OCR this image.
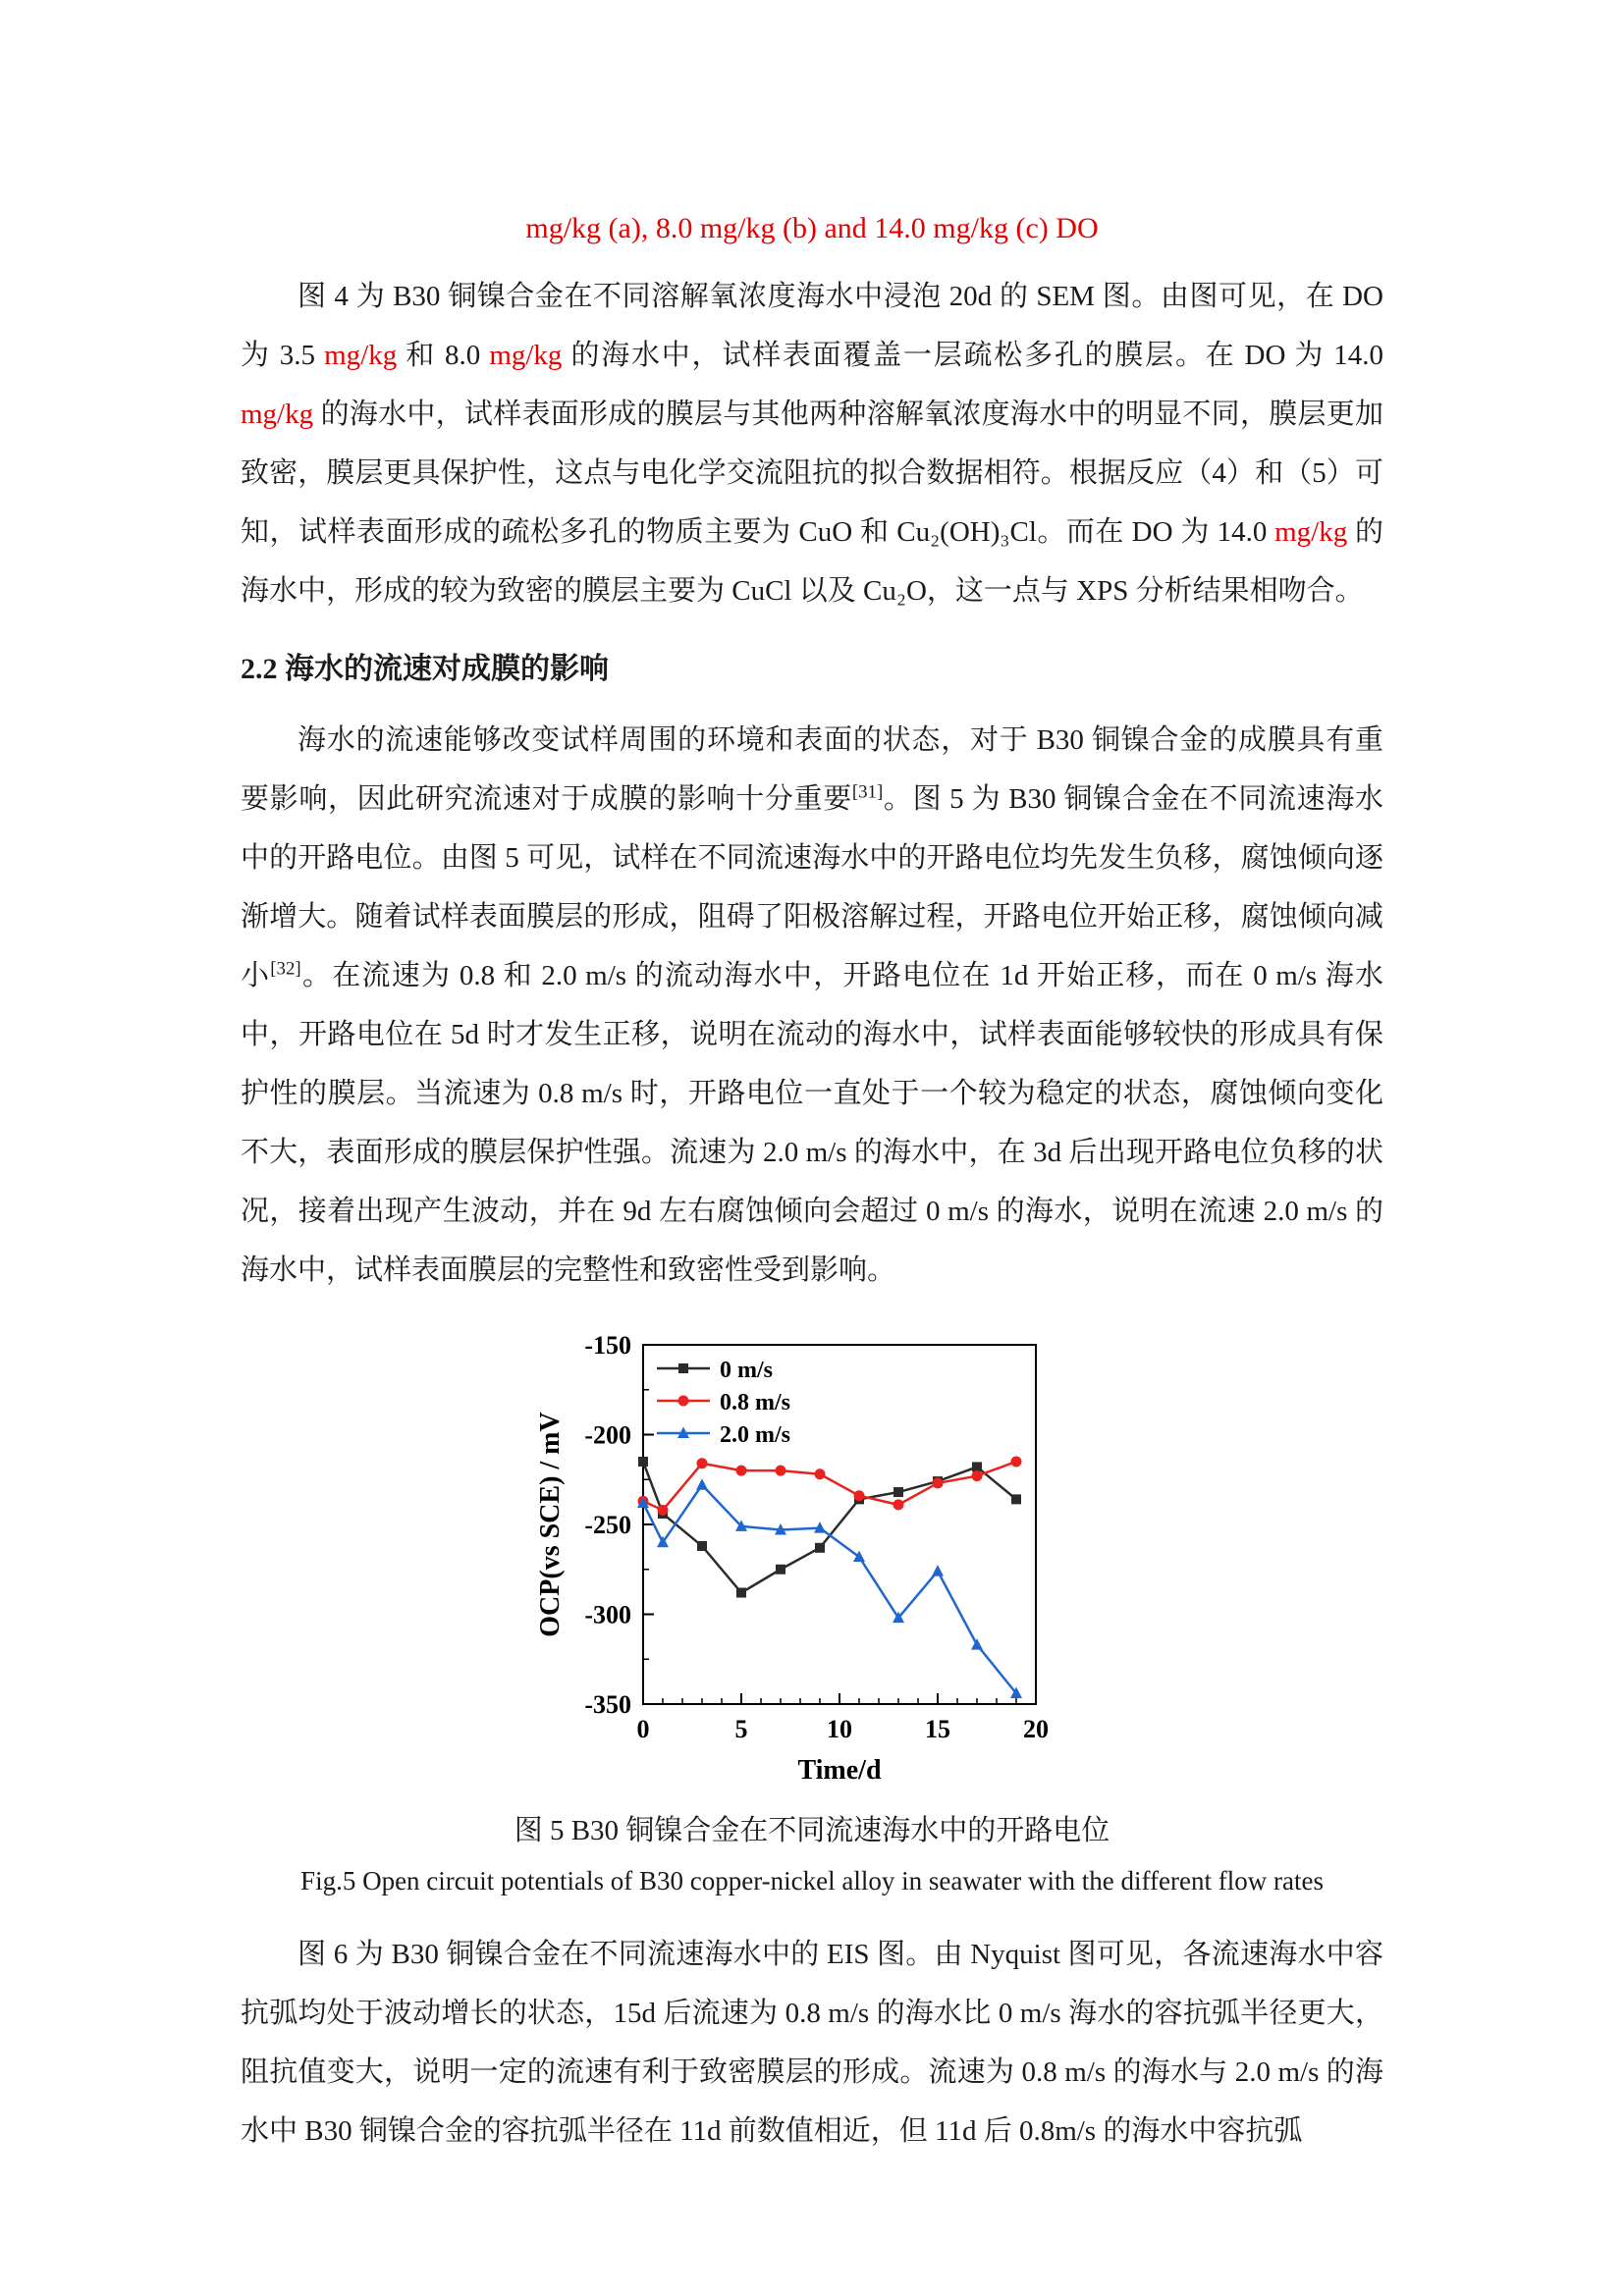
mg/kg (a), 8.0 mg/kg (b) and 14.0 mg/kg (c) DO

图 4 为 B30 铜镍合金在不同溶解氧浓度海水中浸泡 20d 的 SEM 图。由图可见，在 DO 为 3.5 mg/kg 和 8.0 mg/kg 的海水中，试样表面覆盖一层疏松多孔的膜层。在 DO 为 14.0 mg/kg 的海水中，试样表面形成的膜层与其他两种溶解氧浓度海水中的明显不同，膜层更加致密，膜层更具保护性，这点与电化学交流阻抗的拟合数据相符。根据反应（4）和（5）可知，试样表面形成的疏松多孔的物质主要为 CuO 和 Cu₂(OH)₃Cl。而在 DO 为 14.0 mg/kg 的海水中，形成的较为致密的膜层主要为 CuCl 以及 Cu₂O，这一点与 XPS 分析结果相吻合。

2.2 海水的流速对成膜的影响

海水的流速能够改变试样周围的环境和表面的状态，对于 B30 铜镍合金的成膜具有重要影响，因此研究流速对于成膜的影响十分重要[31]。图 5 为 B30 铜镍合金在不同流速海水中的开路电位。由图 5 可见，试样在不同流速海水中的开路电位均先发生负移，腐蚀倾向逐渐增大。随着试样表面膜层的形成，阻碍了阳极溶解过程，开路电位开始正移，腐蚀倾向减小[32]。在流速为 0.8 和 2.0 m/s 的流动海水中，开路电位在 1d 开始正移，而在 0 m/s 海水中，开路电位在 5d 时才发生正移，说明在流动的海水中，试样表面能够较快的形成具有保护性的膜层。当流速为 0.8 m/s 时，开路电位一直处于一个较为稳定的状态，腐蚀倾向变化不大，表面形成的膜层保护性强。流速为 2.0 m/s 的海水中，在 3d 后出现开路电位负移的状况，接着出现产生波动，并在 9d 左右腐蚀倾向会超过 0 m/s 的海水，说明在流速 2.0 m/s 的海水中，试样表面膜层的完整性和致密性受到影响。

0	5	10	15	20
-350
-300
-250
-200
-150
0 m/s
0.8 m/s
2.0 m/s
Time/d
OCP(vs SCE) / mV
图 5 B30 铜镍合金在不同流速海水中的开路电位
Fig.5 Open circuit potentials of B30 copper-nickel alloy in seawater with the different flow rates

图 6 为 B30 铜镍合金在不同流速海水中的 EIS 图。由 Nyquist 图可见，各流速海水中容抗弧均处于波动增长的状态，15d 后流速为 0.8 m/s 的海水比 0 m/s 海水的容抗弧半径更大，阻抗值变大，说明一定的流速有利于致密膜层的形成。流速为 0.8 m/s 的海水与 2.0 m/s 的海水中 B30 铜镍合金的容抗弧半径在 11d 前数值相近，但 11d 后 0.8m/s 的海水中容抗弧
